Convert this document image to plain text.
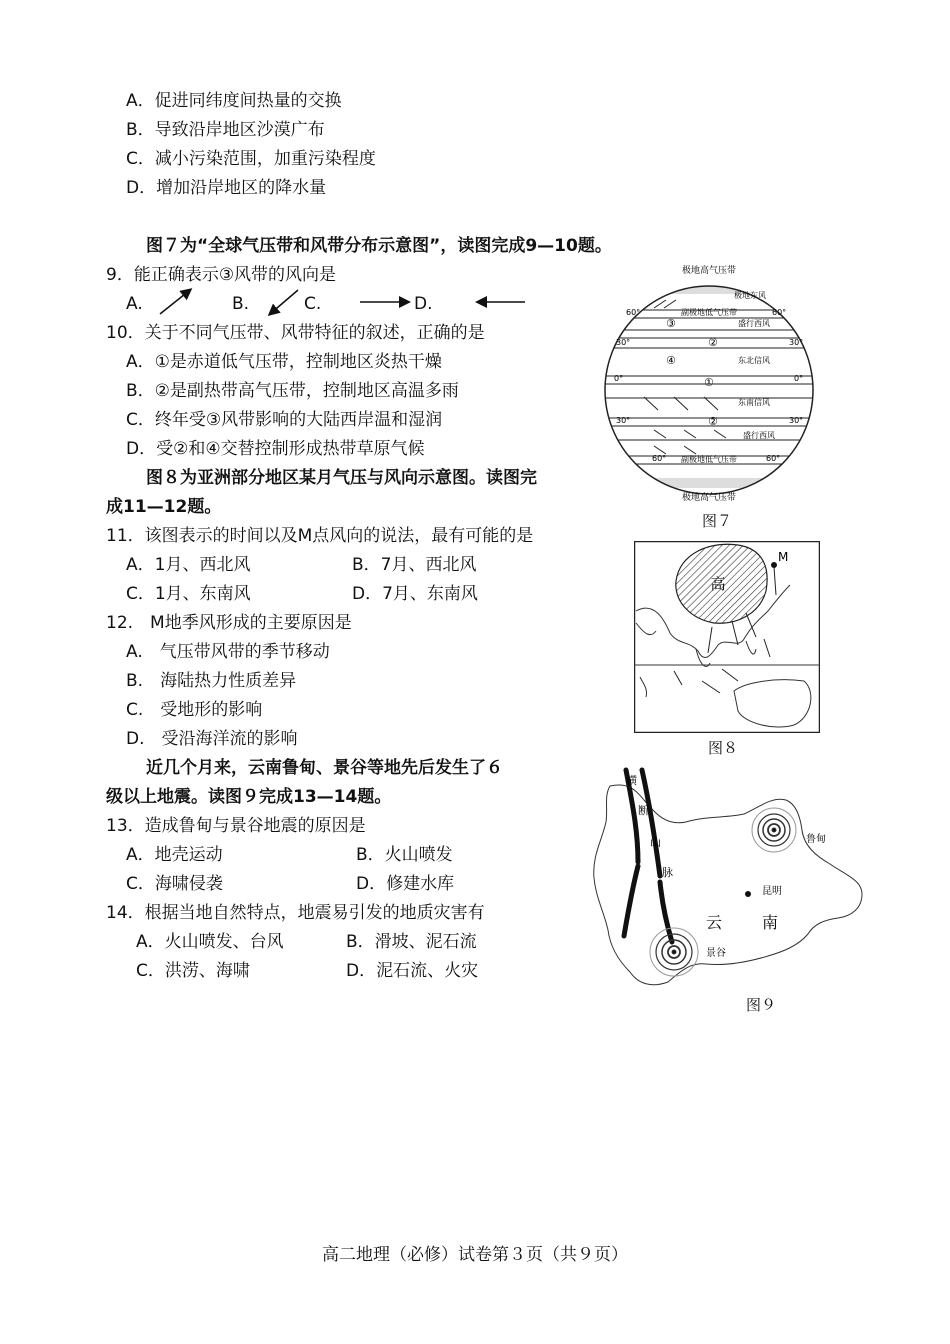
A．促进同纬度间热量的交换
B．导致沿岸地区沙漠广布
C．减小污染范围，加重污染程度
D．增加沿岸地区的降水量
图７为“全球气压带和风带分布示意图”，读图完成9—10题。
9．能正确表示③风带的风向是
A.	B.	C.	D.
10．关于不同气压带、风带特征的叙述，正确的是
A．①是赤道低气压带，控制地区炎热干燥
B．②是副热带高气压带，控制地区高温多雨
C．终年受③风带影响的大陆西岸温和湿润
D．受②和④交替控制形成热带草原气候
图８为亚洲部分地区某月气压与风向示意图。读图完
成11—12题。
11．该图表示的时间以及M点风向的说法，最有可能的是
A．1月、西北风	B．7月、西北风
C．1月、东南风	D．7月、东南风
12.　M地季风形成的主要原因是
A.　气压带风带的季节移动
B.　海陆热力性质差异
C.　受地形的影响
D.　受沿海洋流的影响
近几个月来，云南鲁甸、景谷等地先后发生了６
级以上地震。读图９完成13—14题。
13．造成鲁甸与景谷地震的原因是
A．地壳运动	B．火山喷发
C．海啸侵袭	D．修建水库
14．根据当地自然特点，地震易引发的地质灾害有
A．火山喷发、台风	B．滑坡、泥石流
C．洪涝、海啸	D．泥石流、火灾
极地高气压带
极地东风
副极地低气压带
盛行西风
东北信风
东南信风
盛行西风
副极地低气压带
60°	60°
30°	30°
0°	0°
30°	30°
60°	60°
③
②
④
①
②
极地高气压带
图７
高
M
图８
横
断
山
脉
鲁甸
昆明
景谷
云 南
图９
高二地理（必修）试卷第３页（共９页）
